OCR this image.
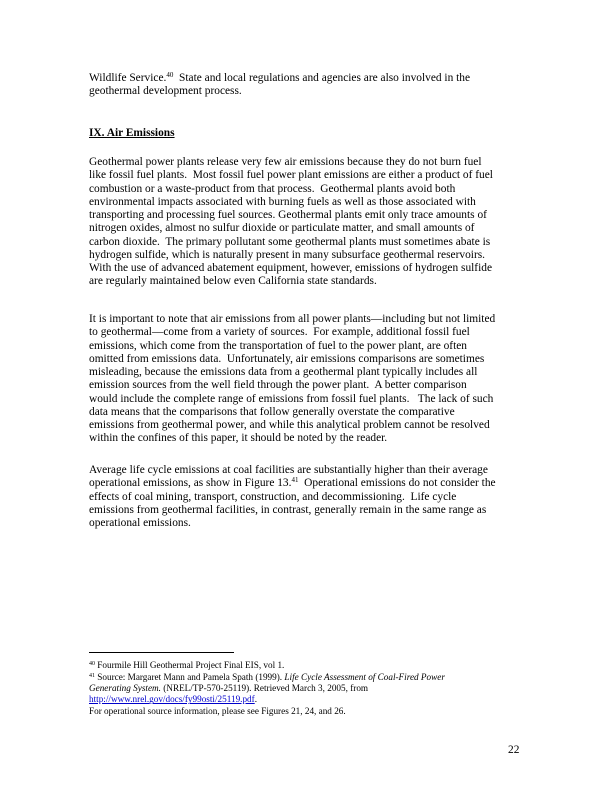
Wildlife Service.$^{40}$  State and local regulations and agencies are also involved in the
geothermal development process.
IX. Air Emissions
Geothermal power plants release very few air emissions because they do not burn fuel
like fossil fuel plants.  Most fossil fuel power plant emissions are either a product of fuel
combustion or a waste-product from that process.  Geothermal plants avoid both
environmental impacts associated with burning fuels as well as those associated with
transporting and processing fuel sources. Geothermal plants emit only trace amounts of
nitrogen oxides, almost no sulfur dioxide or particulate matter, and small amounts of
carbon dioxide.  The primary pollutant some geothermal plants must sometimes abate is
hydrogen sulfide, which is naturally present in many subsurface geothermal reservoirs.
With the use of advanced abatement equipment, however, emissions of hydrogen sulfide
are regularly maintained below even California state standards.
It is important to note that air emissions from all power plants—including but not limited
to geothermal—come from a variety of sources.  For example, additional fossil fuel
emissions, which come from the transportation of fuel to the power plant, are often
omitted from emissions data.  Unfortunately, air emissions comparisons are sometimes
misleading, because the emissions data from a geothermal plant typically includes all
emission sources from the well field through the power plant.  A better comparison
would include the complete range of emissions from fossil fuel plants.   The lack of such
data means that the comparisons that follow generally overstate the comparative
emissions from geothermal power, and while this analytical problem cannot be resolved
within the confines of this paper, it should be noted by the reader.
Average life cycle emissions at coal facilities are substantially higher than their average
operational emissions, as show in Figure 13.41  Operational emissions do not consider the
effects of coal mining, transport, construction, and decommissioning.  Life cycle
emissions from geothermal facilities, in contrast, generally remain in the same range as
operational emissions.
$^{40}$ Fourmile Hill Geothermal Project Final EIS, vol 1.
$^{41}$ Source: Margaret Mann and Pamela Spath (1999). Life Cycle Assessment of Coal-Fired Power
Generating System. (NREL/TP-570-25119). Retrieved March 3, 2005, from
http://www.nrel.gov/docs/fy99osti/25119.pdf.
For operational source information, please see Figures 21, 24, and 26.
22
